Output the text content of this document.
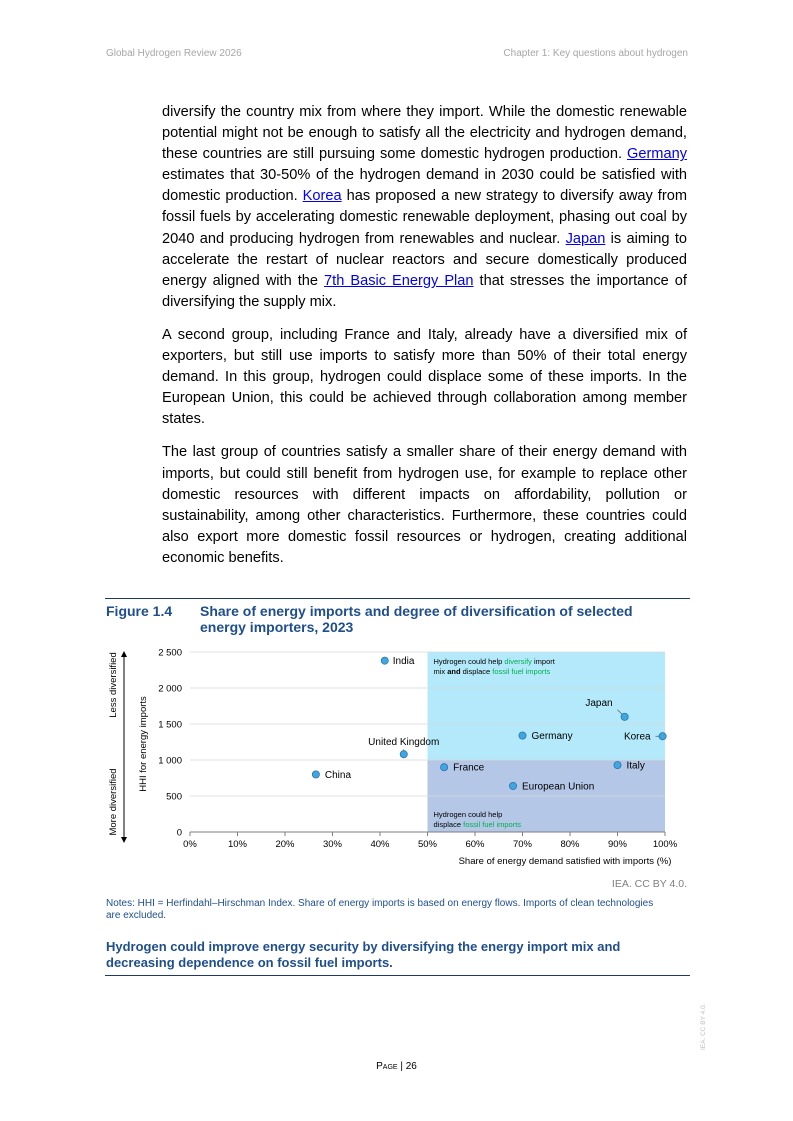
Global Hydrogen Review 2026	Chapter 1: Key questions about hydrogen

diversify the country mix from where they import. While the domestic renewable potential might not be enough to satisfy all the electricity and hydrogen demand, these countries are still pursuing some domestic hydrogen production. Germany estimates that 30-50% of the hydrogen demand in 2030 could be satisfied with domestic production. Korea has proposed a new strategy to diversify away from fossil fuels by accelerating domestic renewable deployment, phasing out coal by 2040 and producing hydrogen from renewables and nuclear. Japan is aiming to accelerate the restart of nuclear reactors and secure domestically produced energy aligned with the 7th Basic Energy Plan that stresses the importance of diversifying the supply mix.

A second group, including France and Italy, already have a diversified mix of exporters, but still use imports to satisfy more than 50% of their total energy demand. In this group, hydrogen could displace some of these imports. In the European Union, this could be achieved through collaboration among member states.

The last group of countries satisfy a smaller share of their energy demand with imports, but could still benefit from hydrogen use, for example to replace other domestic resources with different impacts on affordability, pollution or sustainability, among other characteristics. Furthermore, these countries could also export more domestic fossil resources or hydrogen, creating additional economic benefits.

Figure 1.4 Share of energy imports and degree of diversification of selected energy importers, 2023
0
500
1 000
1 500
2 000
2 500
0%	10%	20%	30%	40%	50%	60%	70%	80%	90%	100%
Share of energy demand satisfied with imports (%)
HHI for energy imports
Less diversified
More diversified
Hydrogen could help diversify import mix and displace fossil fuel imports
Hydrogen could help displace fossil fuel imports
India
United Kingdom
China
Japan
Germany	Korea
France	Italy
European Union
IEA. CC BY 4.0.
Notes: HHI = Herfindahl–Hirschman Index. Share of energy imports is based on energy flows. Imports of clean technologies are excluded.
Hydrogen could improve energy security by diversifying the energy import mix and decreasing dependence on fossil fuel imports.
Page | 26
IEA. CC BY 4.0.
